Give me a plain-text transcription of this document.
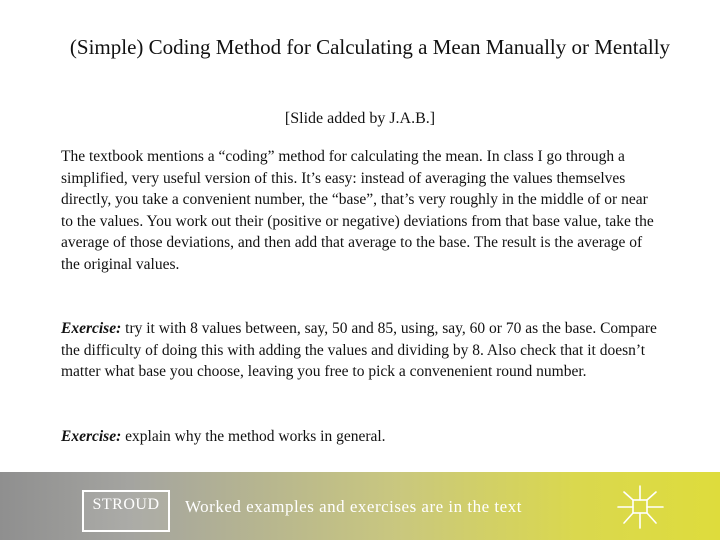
(Simple) Coding Method for Calculating a Mean Manually or Mentally

[Slide added by J.A.B.]

The textbook mentions a “coding” method for calculating the mean. In class I go through a simplified, very useful version of this. It’s easy: instead of averaging the values themselves directly, you take a convenient number, the “base”, that’s very roughly in the middle of or near to the values. You work out their (positive or negative) deviations from that base value, take the average of those deviations, and then add that average to the base. The result is the average of the original values.

Exercise: try it with 8 values between, say, 50 and 85, using, say, 60 or 70 as the base. Compare the difficulty of doing this with adding the values and dividing by 8. Also check that it doesn’t matter what base you choose, leaving you free to pick a convenenient round number.

Exercise: explain why the method works in general.

STROUD	Worked examples and exercises are in the text
